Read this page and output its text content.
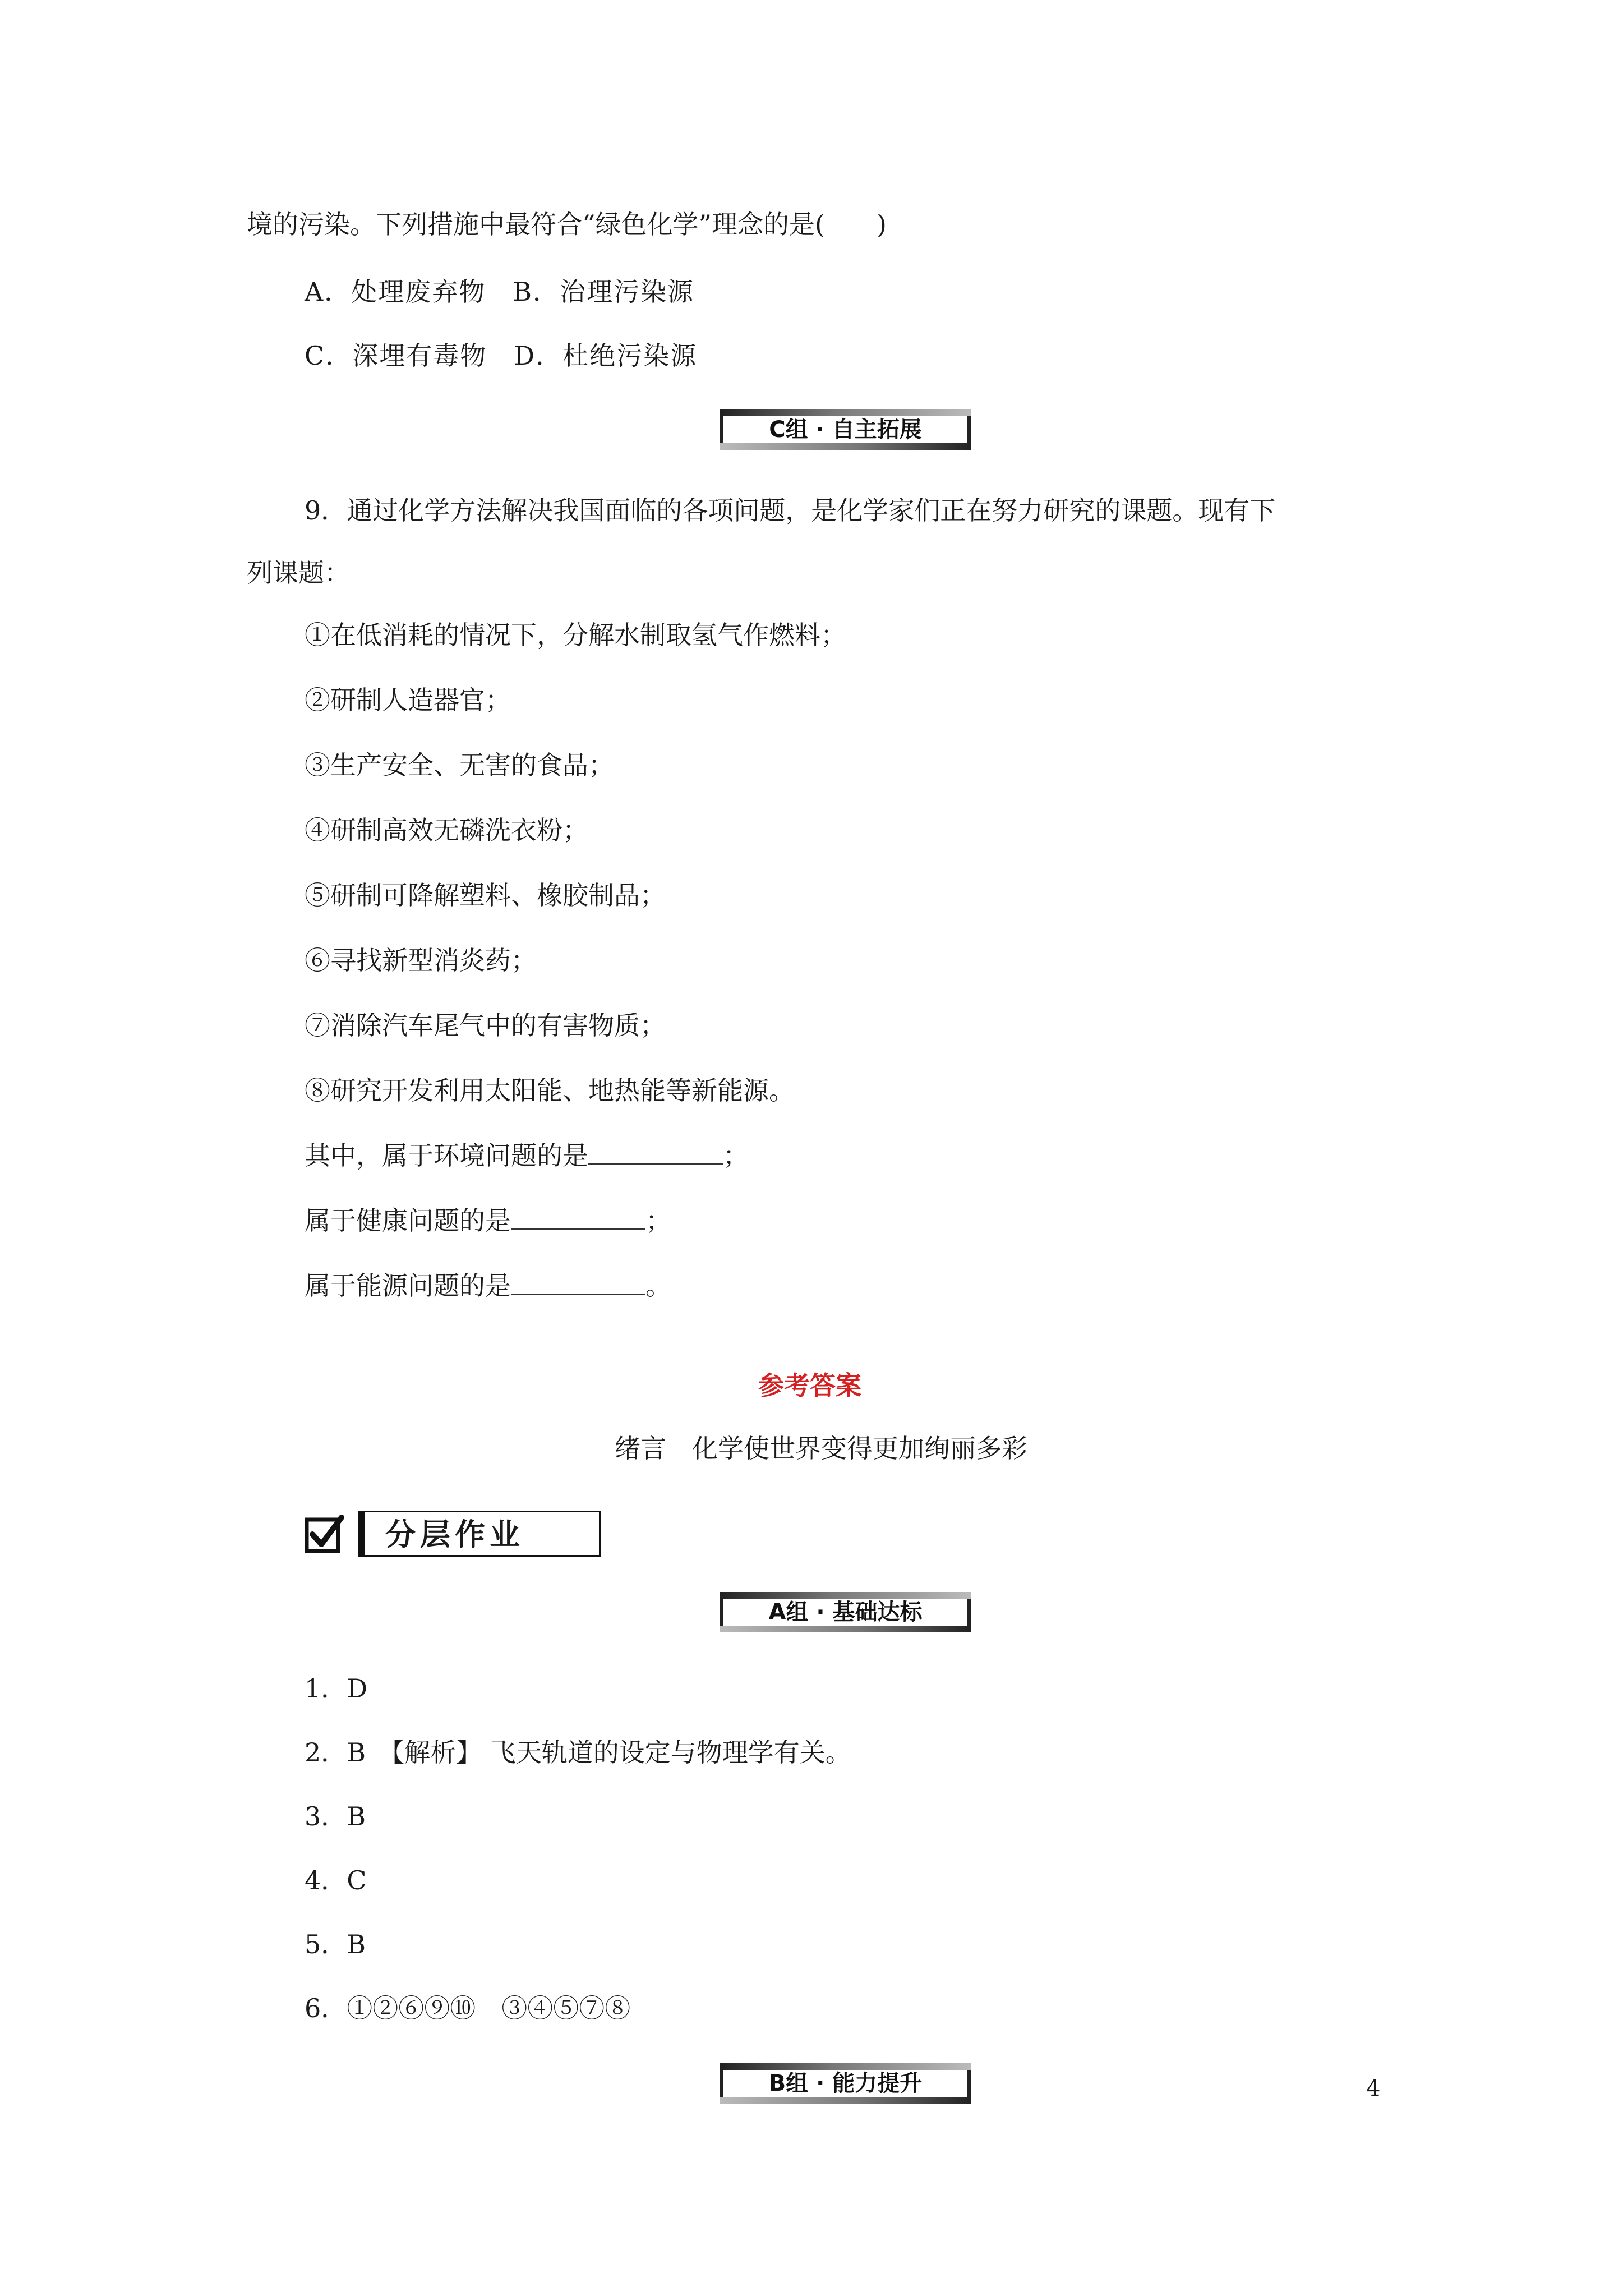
境的污染。下列措施中最符合“绿色化学”理念的是(　　)
A．处理废弃物　B．治理污染源
C．深埋有毒物　D．杜绝污染源
C组 · 自主拓展
9．通过化学方法解决我国面临的各项问题，是化学家们正在努力研究的课题。现有下
列课题：
①在低消耗的情况下，分解水制取氢气作燃料；
②研制人造器官；
③生产安全、无害的食品；
④研制高效无磷洗衣粉；
⑤研制可降解塑料、橡胶制品；
⑥寻找新型消炎药；
⑦消除汽车尾气中的有害物质；
⑧研究开发利用太阳能、地热能等新能源。
其中，属于环境问题的是	；
属于健康问题的是	；
属于能源问题的是	。
参考答案
绪言　化学使世界变得更加绚丽多彩
分层作业
A组 · 基础达标
1．D
2．B　【解析】 飞天轨道的设定与物理学有关。
3．B
4．C
5．B
6．①②⑥⑨⑩　③④⑤⑦⑧
B组 · 能力提升	4
